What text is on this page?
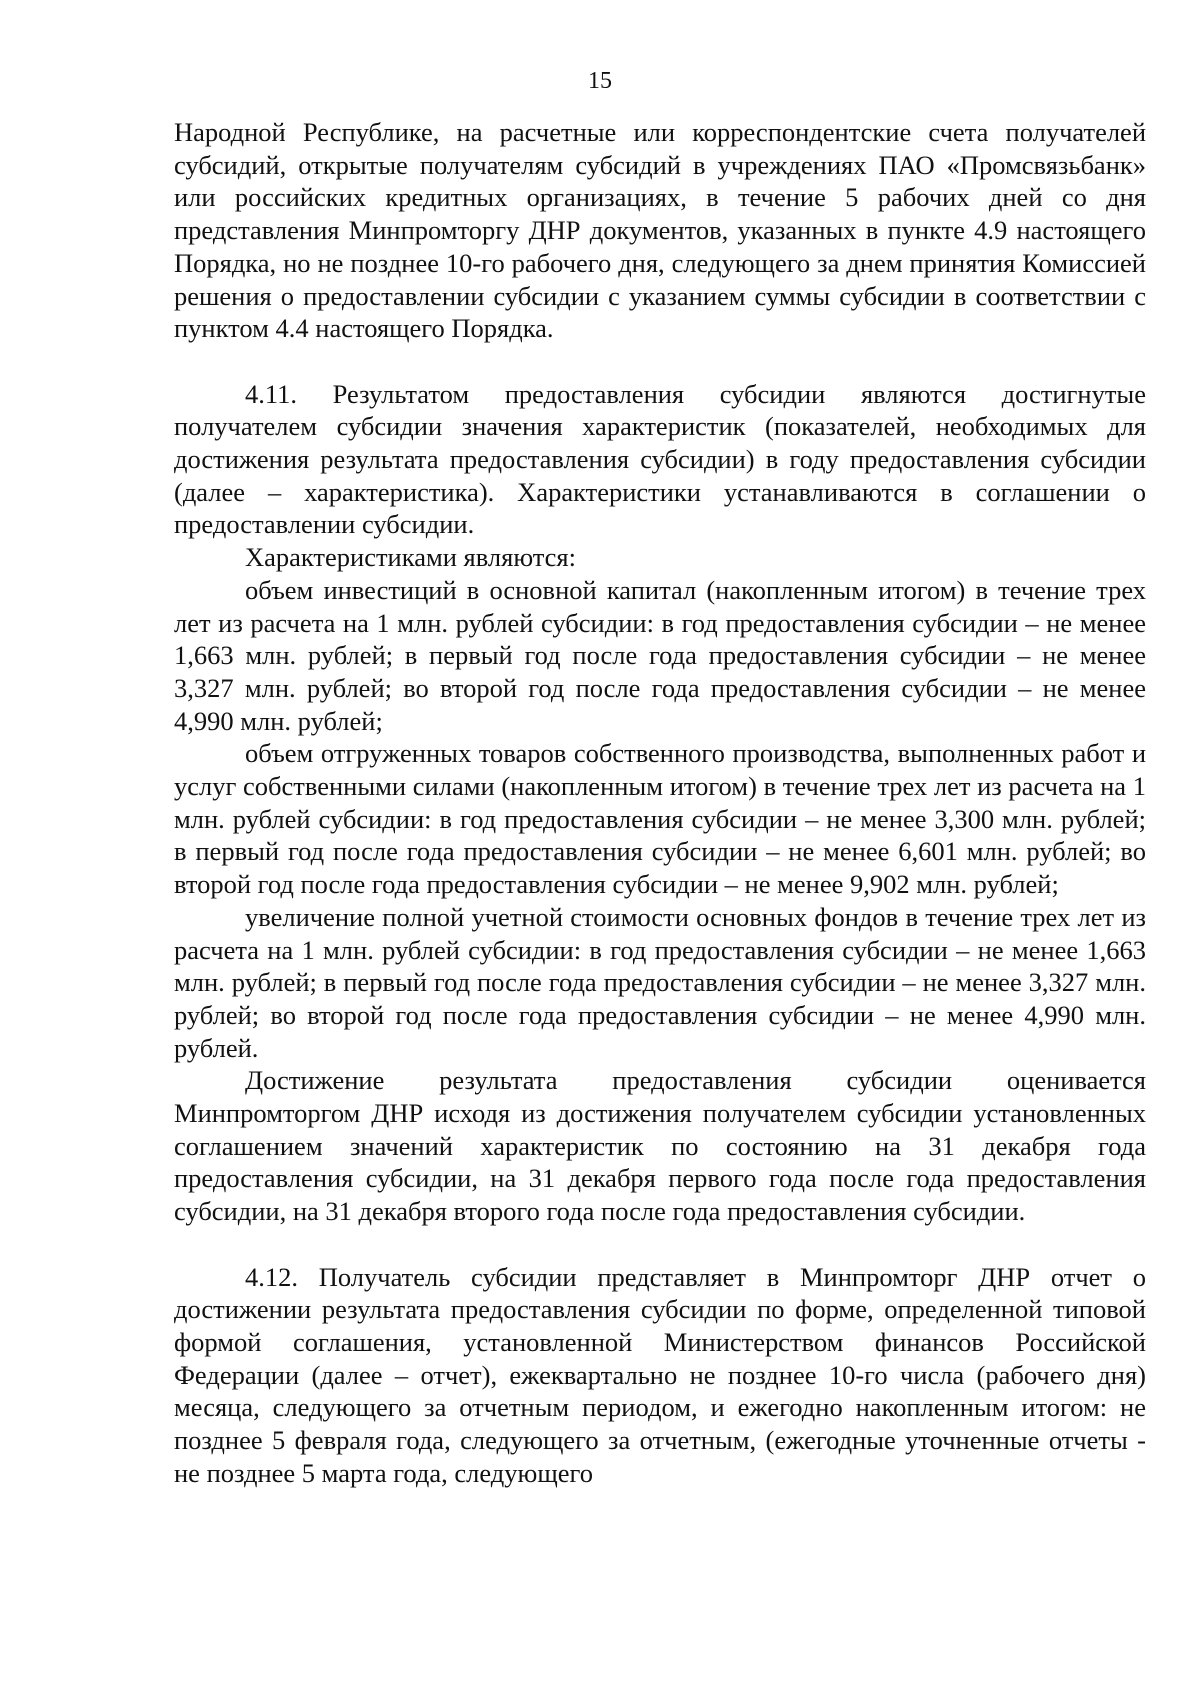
15

Народной Республике, на расчетные или корреспондентские счета получателей субсидий, открытые получателям субсидий в учреждениях ПАО «Промсвязьбанк» или российских кредитных организациях, в течение 5 рабочих дней со дня представления Минпромторгу ДНР документов, указанных в пункте 4.9 настоящего Порядка, но не позднее 10-го рабочего дня, следующего за днем принятия Комиссией решения о предоставлении субсидии с указанием суммы субсидии в соответствии с пунктом 4.4 настоящего Порядка.

4.11. Результатом предоставления субсидии являются достигнутые получателем субсидии значения характеристик (показателей, необходимых для достижения результата предоставления субсидии) в году предоставления субсидии (далее – характеристика). Характеристики устанавливаются в соглашении о предоставлении субсидии.

Характеристиками являются:

объем инвестиций в основной капитал (накопленным итогом) в течение трех лет из расчета на 1 млн. рублей субсидии: в год предоставления субсидии – не менее 1,663 млн. рублей; в первый год после года предоставления субсидии – не менее 3,327 млн. рублей; во второй год после года предоставления субсидии – не менее 4,990 млн. рублей;

объем отгруженных товаров собственного производства, выполненных работ и услуг собственными силами (накопленным итогом) в течение трех лет из расчета на 1 млн. рублей субсидии: в год предоставления субсидии – не менее 3,300 млн. рублей; в первый год после года предоставления субсидии – не менее 6,601 млн. рублей; во второй год после года предоставления субсидии – не менее 9,902 млн. рублей;

увеличение полной учетной стоимости основных фондов в течение трех лет из расчета на 1 млн. рублей субсидии: в год предоставления субсидии – не менее 1,663 млн. рублей; в первый год после года предоставления субсидии – не менее 3,327 млн. рублей; во второй год после года предоставления субсидии – не менее 4,990 млн. рублей.

Достижение результата предоставления субсидии оценивается Минпромторгом ДНР исходя из достижения получателем субсидии установленных соглашением значений характеристик по состоянию на 31 декабря года предоставления субсидии, на 31 декабря первого года после года предоставления субсидии, на 31 декабря второго года после года предоставления субсидии.

4.12. Получатель субсидии представляет в Минпромторг ДНР отчет о достижении результата предоставления субсидии по форме, определенной типовой формой соглашения, установленной Министерством финансов Российской Федерации (далее – отчет), ежеквартально не позднее 10-го числа (рабочего дня) месяца, следующего за отчетным периодом, и ежегодно накопленным итогом: не позднее 5 февраля года, следующего за отчетным, (ежегодные уточненные отчеты - не позднее 5 марта года, следующего
